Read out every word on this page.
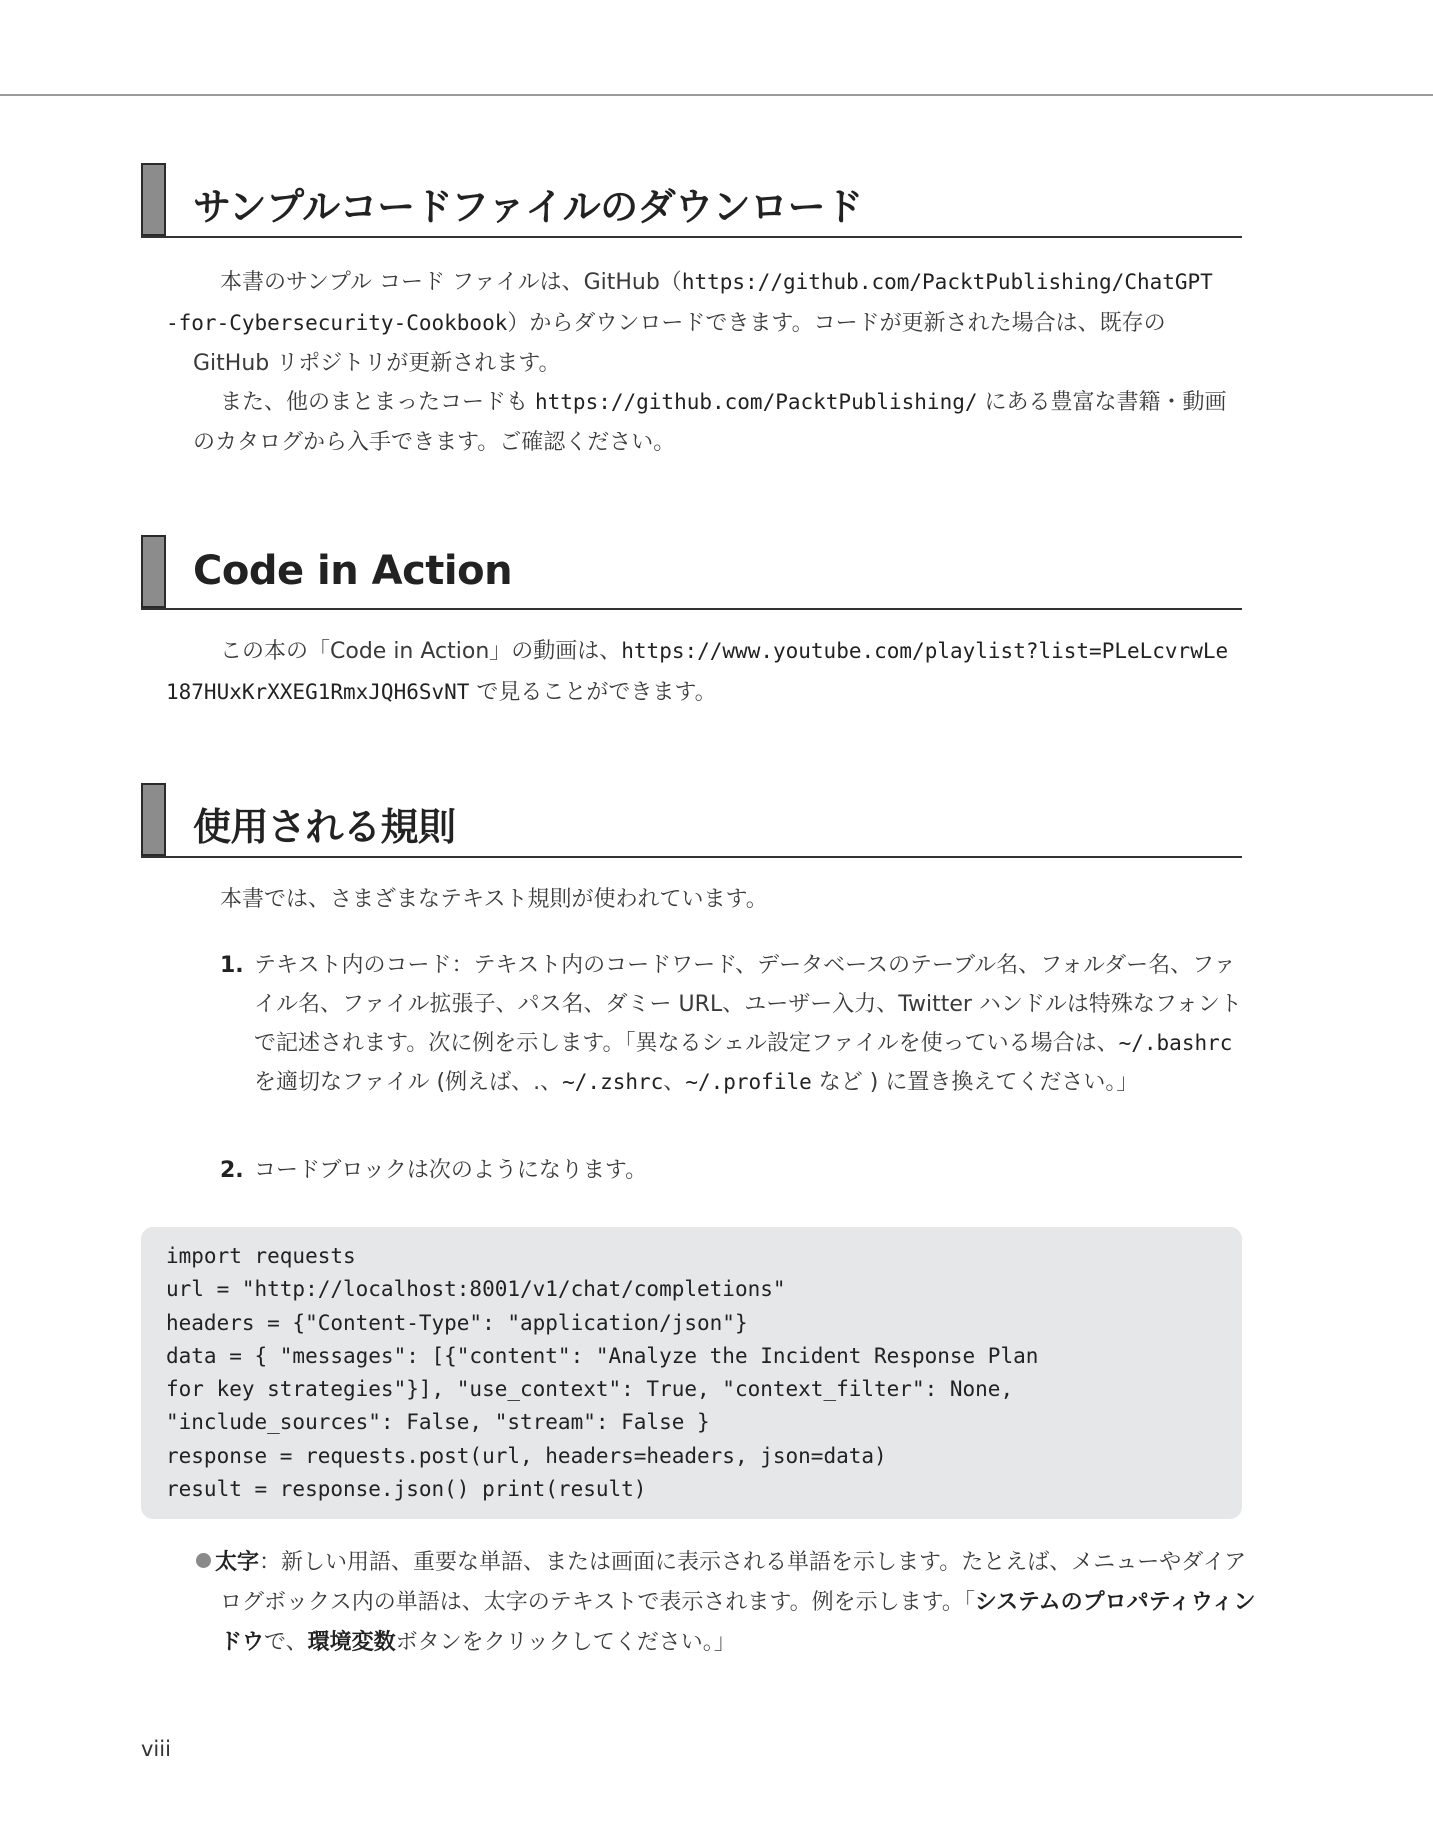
サンプルコードファイルのダウンロード
本書のサンプル コード ファイルは、GitHub（https://github.com/PacktPublishing/ChatGPT
-for-Cybersecurity-Cookbook）からダウンロードできます。コードが更新された場合は、既存の GitHub リポジトリが更新されます。
また、他のまとまったコードも https://github.com/PacktPublishing/ にある豊富な書籍・動画のカタログから入手できます。ご確認ください。
Code in Action
この本の「Code in Action」の動画は、https://www.youtube.com/playlist?list=PLeLcvrwLe
187HUxKrXXEG1RmxJQH6SvNT で見ることができます。
使用される規則
本書では、さまざまなテキスト規則が使われています。
1. テキスト内のコード：テキスト内のコードワード、データベースのテーブル名、フォルダー名、ファイル名、ファイル拡張子、パス名、ダミー URL、ユーザー入力、Twitter ハンドルは特殊なフォントで記述されます。次に例を示します。「異なるシェル設定ファイルを使っている場合は、~/.bashrc を適切なファイル (例えば、.、~/.zshrc、~/.profile など ) に置き換えてください。」
2. コードブロックは次のようになります。
import requests
url = "http://localhost:8001/v1/chat/completions"
headers = {"Content-Type": "application/json"}
data = { "messages": [{"content": "Analyze the Incident Response Plan
for key strategies"}], "use_context": True, "context_filter": None,
"include_sources": False, "stream": False }
response = requests.post(url, headers=headers, json=data)
result = response.json() print(result)
太字：新しい用語、重要な単語、または画面に表示される単語を示します。たとえば、メニューやダイアログボックス内の単語は、太字のテキストで表示されます。例を示します。「システムのプロパティウィンドウで、環境変数ボタンをクリックしてください。」
viii
